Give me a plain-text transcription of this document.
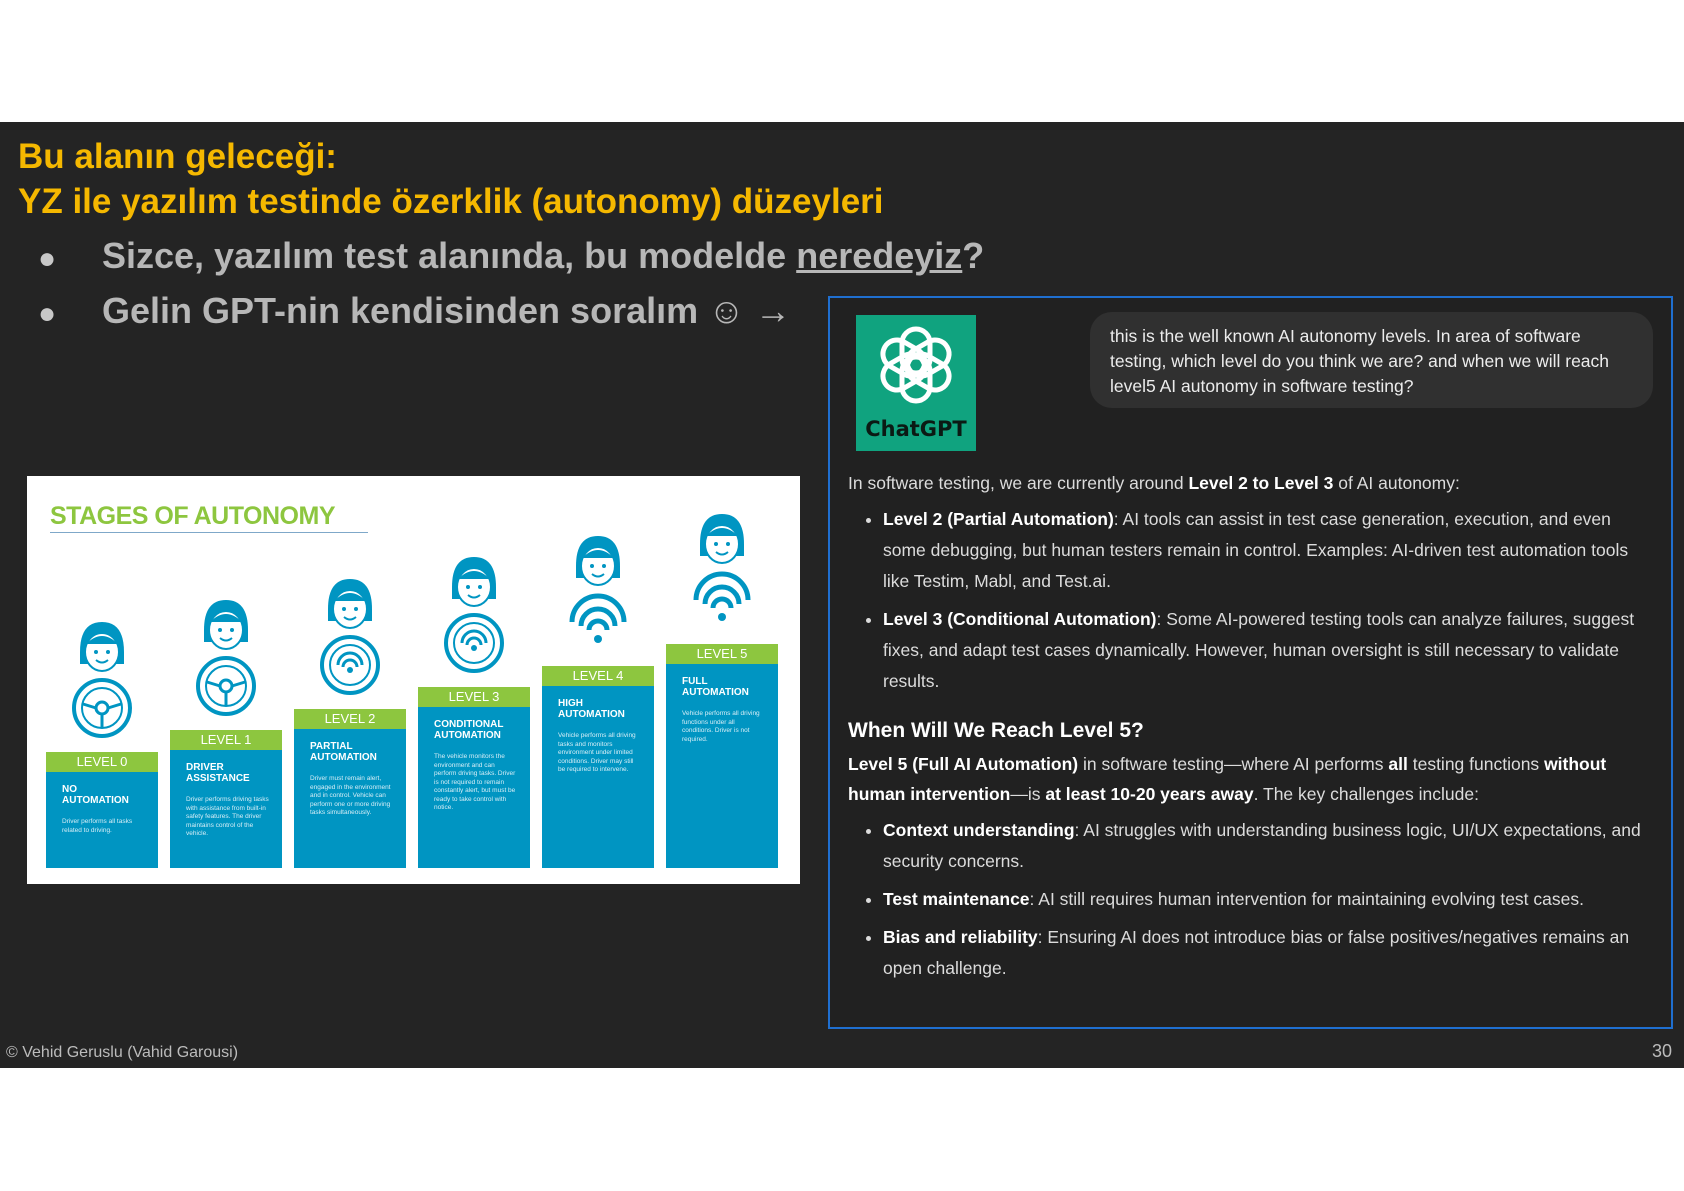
Bu alanın geleceği:
YZ ile yazılım testinde özerklik (autonomy) düzeyleri
● Sizce, yazılım test alanında, bu modelde neredeyiz?
● Gelin GPT-nin kendisinden soralım ☺ →
STAGES OF AUTONOMY
LEVEL 0
NO AUTOMATION
Driver performs all tasks related to driving.
LEVEL 1
DRIVER ASSISTANCE
Driver performs driving tasks with assistance from built-in safety features. The driver maintains control of the vehicle.
LEVEL 2
PARTIAL AUTOMATION
Driver must remain alert, engaged in the environment and in control. Vehicle can perform one or more driving tasks simultaneously.
LEVEL 3
CONDITIONAL AUTOMATION
The vehicle monitors the environment and can perform driving tasks. Driver is not required to remain constantly alert, but must be ready to take control with notice.
LEVEL 4
HIGH AUTOMATION
Vehicle performs all driving tasks and monitors environment under limited conditions. Driver may still be required to intervene.
LEVEL 5
FULL AUTOMATION
Vehicle performs all driving functions under all conditions. Driver is not required.
ChatGPT
this is the well known AI autonomy levels. In area of software testing, which level do you think we are? and when we will reach level5 AI autonomy in software testing?

In software testing, we are currently around Level 2 to Level 3 of AI autonomy:

• Level 2 (Partial Automation): AI tools can assist in test case generation, execution, and even some debugging, but human testers remain in control. Examples: AI-driven test automation tools like Testim, Mabl, and Test.ai.
• Level 3 (Conditional Automation): Some AI-powered testing tools can analyze failures, suggest fixes, and adapt test cases dynamically. However, human oversight is still necessary to validate results.
When Will We Reach Level 5?

Level 5 (Full AI Automation) in software testing—where AI performs all testing functions without human intervention—is at least 10-20 years away. The key challenges include:

• Context understanding: AI struggles with understanding business logic, UI/UX expectations, and security concerns.
• Test maintenance: AI still requires human intervention for maintaining evolving test cases.
• Bias and reliability: Ensuring AI does not introduce bias or false positives/negatives remains an open challenge.
© Vehid Geruslu (Vahid Garousi)	30
